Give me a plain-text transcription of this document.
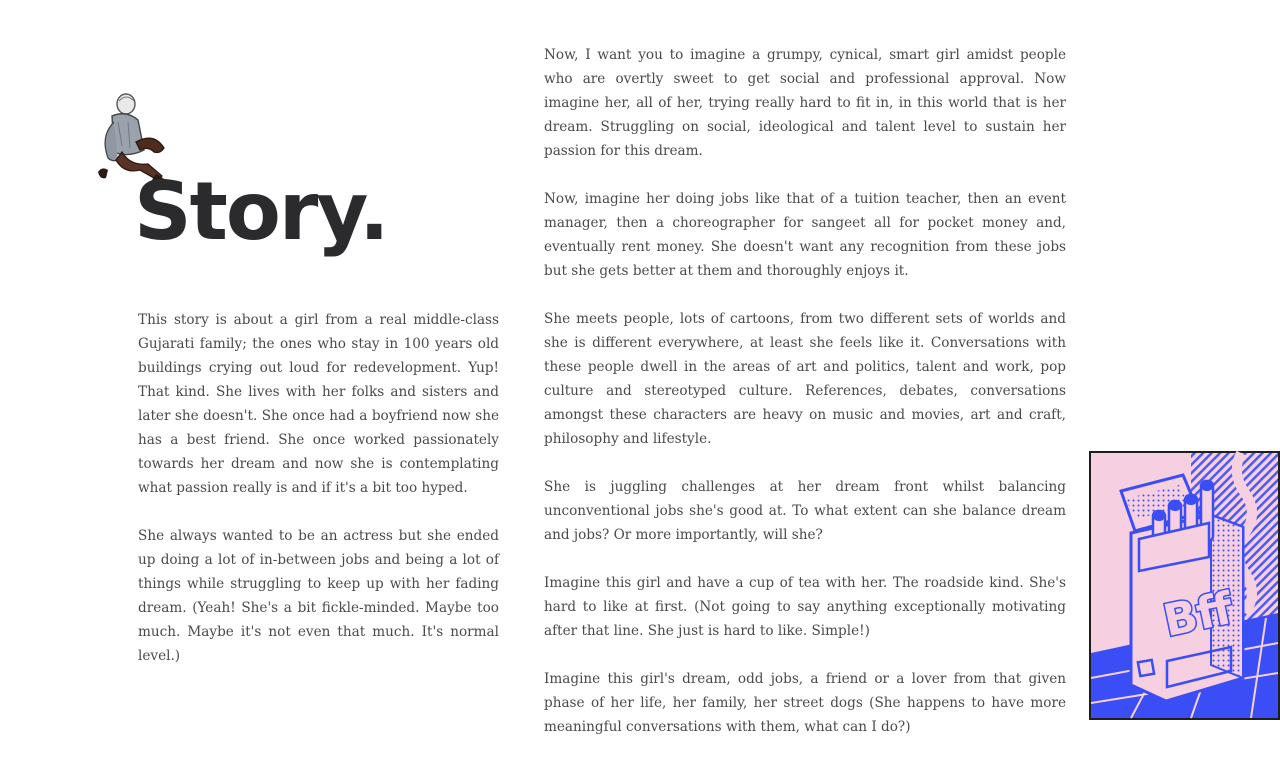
Story.

This story is about a girl from a real middle-class Gujarati family; the ones who stay in 100 years old buildings crying out loud for redevelopment. Yup! That kind. She lives with her folks and sisters and later she doesn't. She once had a boyfriend now she has a best friend. She once worked passionately towards her dream and now she is contemplating what passion really is and if it's a bit too hyped.

She always wanted to be an actress but she ended up doing a lot of in-between jobs and being a lot of things while struggling to keep up with her fading dream. (Yeah! She's a bit fickle-minded. Maybe too much. Maybe it's not even that much. It's normal level.)

Now, I want you to imagine a grumpy, cynical, smart girl amidst people who are overtly sweet to get social and professional approval. Now imagine her, all of her, trying really hard to fit in, in this world that is her dream. Struggling on social, ideological and talent level to sustain her passion for this dream.

Now, imagine her doing jobs like that of a tuition teacher, then an event manager, then a choreographer for sangeet all for pocket money and, eventually rent money. She doesn't want any recognition from these jobs but she gets better at them and thoroughly enjoys it.

She meets people, lots of cartoons, from two different sets of worlds and she is different everywhere, at least she feels like it. Conversations with these people dwell in the areas of art and politics, talent and work, pop culture and stereotyped culture. References, debates, conversations amongst these characters are heavy on music and movies, art and craft, philosophy and lifestyle.

She is juggling challenges at her dream front whilst balancing unconventional jobs she's good at. To what extent can she balance dream and jobs? Or more importantly, will she?

Imagine this girl and have a cup of tea with her. The roadside kind. She's hard to like at first. (Not going to say anything exceptionally motivating after that line. She just is hard to like. Simple!)

Imagine this girl's dream, odd jobs, a friend or a lover from that given phase of her life, her family, her street dogs (She happens to have more meaningful conversations with them, what can I do?)

Bff
